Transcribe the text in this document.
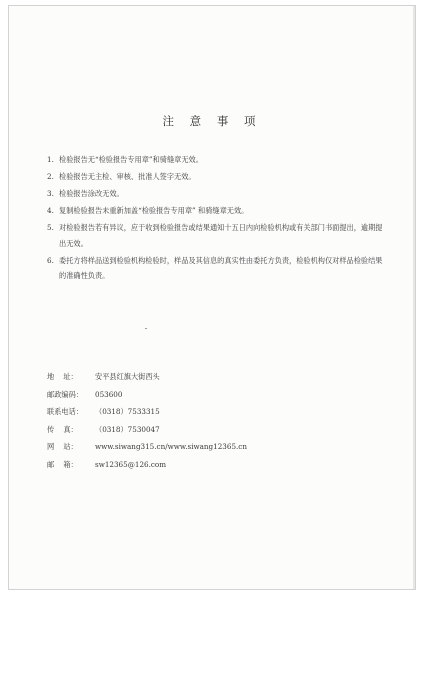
注 意 事 项
1. 检验报告无“检验报告专用章”和骑缝章无效。
2. 检验报告无主检、审核、批准人签字无效。
3. 检验报告涂改无效。
4. 复制检验报告未重新加盖“检验报告专用章” 和骑缝章无效。
5. 对检验报告若有异议，应于收到检验报告或结果通知十五日内向检验机构或有关部门书面提出，逾期提出无效。
6. 委托方将样品送到检验机构检验时，样品及其信息的真实性由委托方负责，检验机构仅对样品检验结果的准确性负责。
地    址：	安平县红旗大街西头
邮政编码：	053600
联系电话：	（0318）7533315
传    真：	（0318）7530047
网    站：	www.siwang315.cn/www.siwang12365.cn
邮    箱：	sw12365@126.com
